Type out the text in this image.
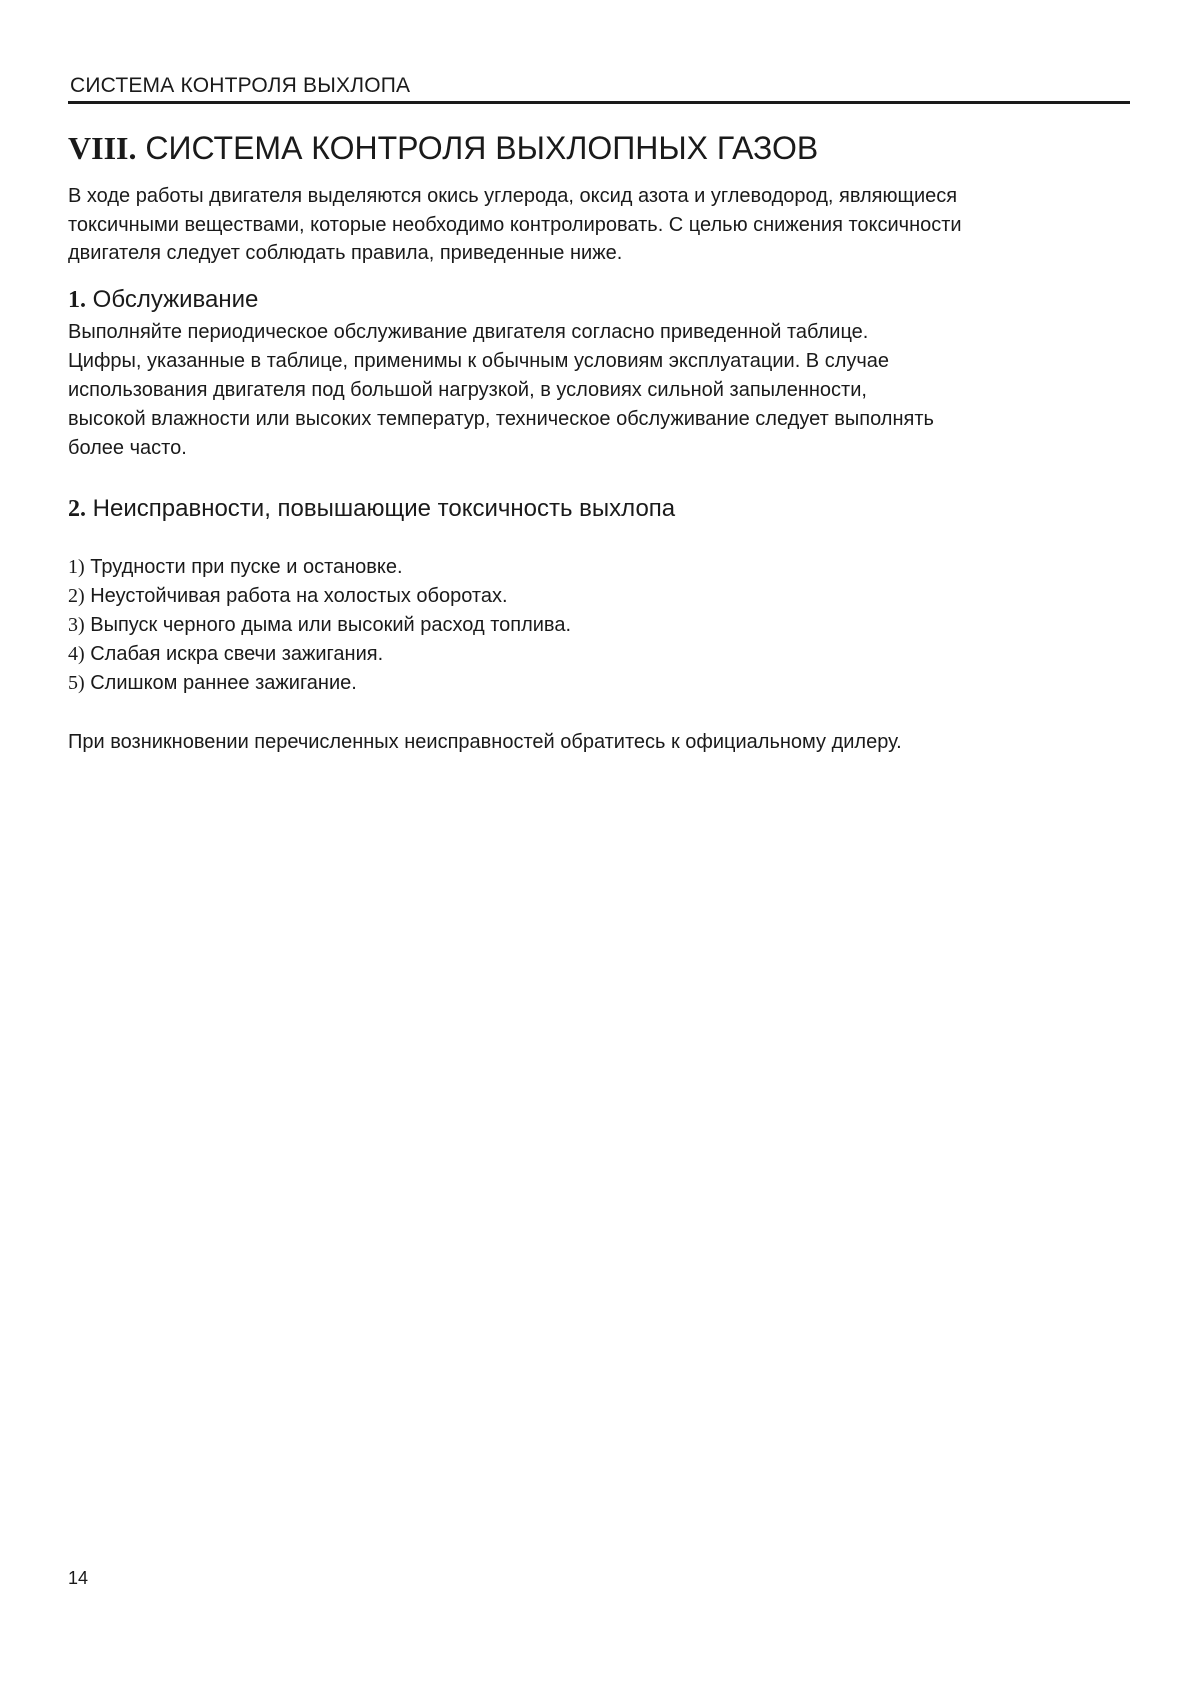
СИСТЕМА КОНТРОЛЯ ВЫХЛОПА
VIII. СИСТЕМА КОНТРОЛЯ ВЫХЛОПНЫХ ГАЗОВ

В ходе работы двигателя выделяются окись углерода, оксид азота и углеводород, являющиеся
токсичными веществами, которые необходимо контролировать. С целью снижения токсичности
двигателя следует соблюдать правила, приведенные ниже.

1. Обслуживание

Выполняйте периодическое обслуживание двигателя согласно приведенной таблице.
Цифры, указанные в таблице, применимы к обычным условиям эксплуатации. В случае
использования двигателя под большой нагрузкой, в условиях сильной запыленности,
высокой влажности или высоких температур, техническое обслуживание следует выполнять
более часто.

2. Неисправности, повышающие токсичность выхлопа
1) Трудности при пуске и остановке.
2) Неустойчивая работа на холостых оборотах.
3) Выпуск черного дыма или высокий расход топлива.
4) Слабая искра свечи зажигания.
5) Слишком раннее зажигание.

При возникновении перечисленных неисправностей обратитесь к официальному дилеру.

14
